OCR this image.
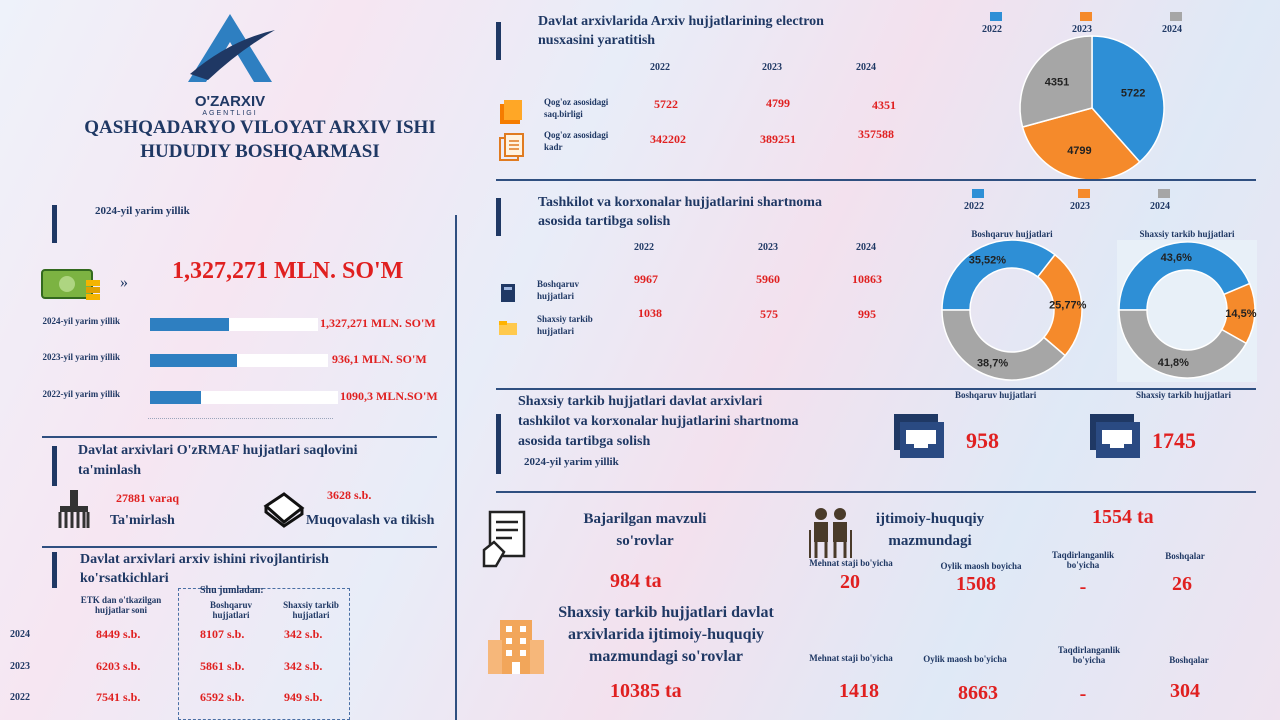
O'ZARXIV
AGENTLIGI
QASHQADARYO VILOYAT ARXIV ISHI
HUDUDIY BOSHQARMASI
2024-yil yarim yillik
» 1,327,271 MLN. SO'M
2024-yil yarim yillik	1,327,271 MLN. SO'M
2023-yil yarim yillik	936,1 MLN. SO'M
2022-yil yarim yillik	1090,3 MLN.SO'M
Davlat arxivlari O'zRMAF hujjatlari saqlovini
ta'minlash
27881 varaq
Ta'mirlash
3628 s.b.
Muqovalash va tikish
Davlat arxivlari arxiv ishini rivojlantirish
ko'rsatkichlari
ETK dan o'tkazilgan hujjatlar soni
Shu jumladan:
Boshqaruv hujjatlari
Shaxsiy tarkib hujjatlari
2024	8449 s.b.	8107 s.b.	342 s.b.
2023	6203 s.b.	5861 s.b.	342 s.b.
2022	7541 s.b.	6592 s.b.	949 s.b.
Davlat arxivlarida Arxiv hujjatlarining electron
nusxasini yaratitish
2022	2023	2024
Qog'oz asosidagi
saq.birligi
5722	4799	4351
Qog'oz asosidagi
kadr
342202	389251	357588
2022	2023	2024
5722
4799
4351
Tashkilot va korxonalar hujjatlarini shartnoma
asosida tartibga solish
2022	2023	2024
Boshqaruv
hujjatlari
9967	5960	10863
Shaxsiy tarkib
hujjatlari
1038	575	995
2022	2023	2024
Boshqaruv hujjatlari
35,52%
25,77%
38,7%
Shaxsiy tarkib hujjatlari
43,6%
14,5%
41,8%
Shaxsiy tarkib hujjatlari davlat arxivlari
tashkilot va korxonalar hujjatlarini shartnoma
asosida tartibga solish
2024-yil yarim yillik
Boshqaruv hujjatlari
958
Shaxsiy tarkib hujjatlari
1745
Bajarilgan mavzuli
so'rovlar
984 ta
ijtimoiy-huquqiy
mazmundagi
1554 ta
Mehnat staji bo'yicha	Oylik maosh boyicha
Taqdirlanganlik bo'yicha
Boshqalar
20	1508	-	26
Shaxsiy tarkib hujjatlari davlat
arxivlarida ijtimoiy-huquqiy
mazmundagi so'rovlar
10385 ta
Mehnat staji bo'yicha	Oylik maosh bo'yicha
Taqdirlanganlik bo'yicha	Boshqalar
1418	8663	-	304
